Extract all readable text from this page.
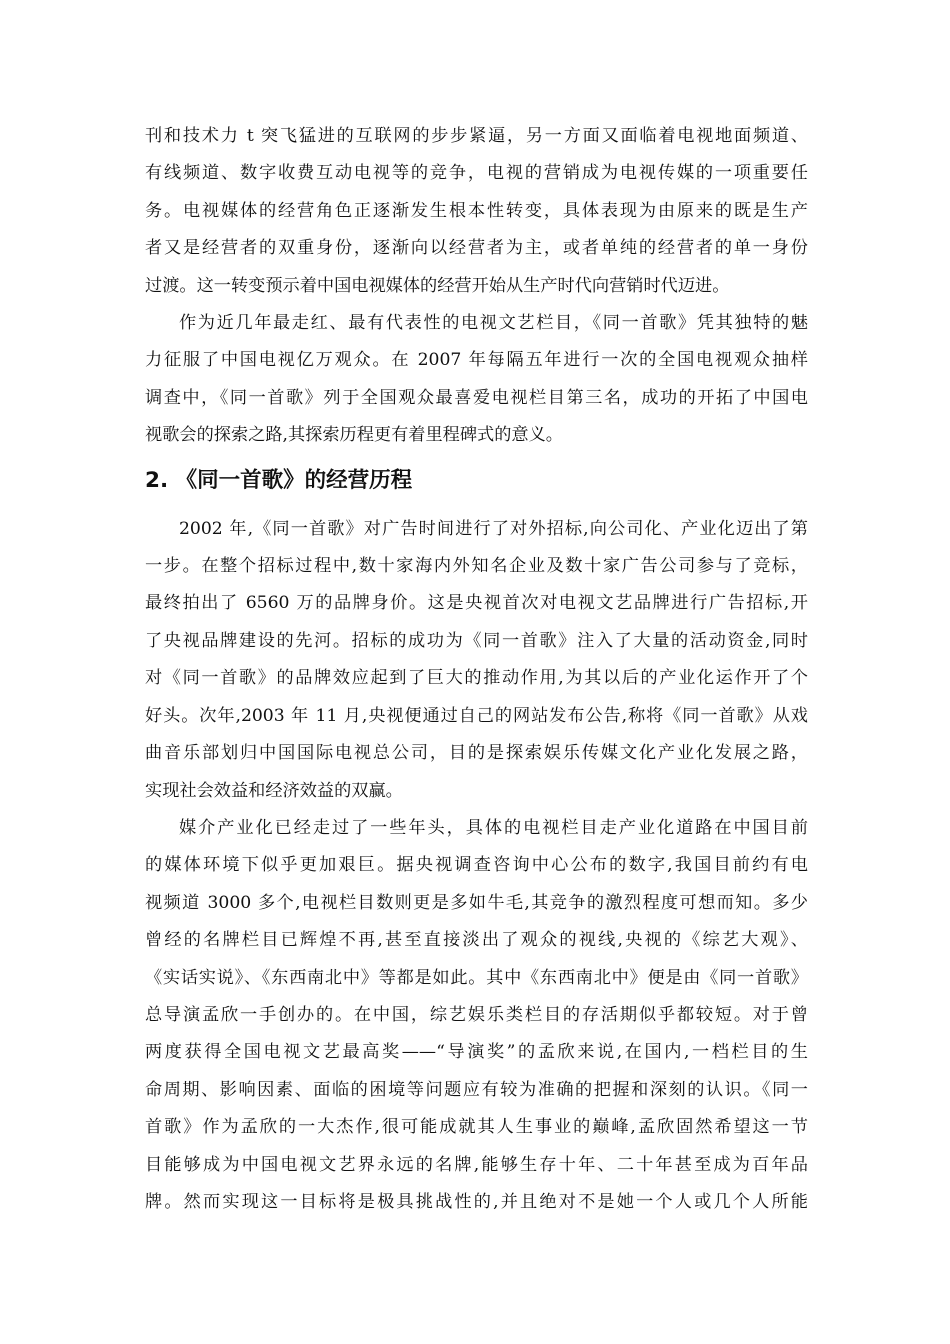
刊和技术力 t 突飞猛进的互联网的步步紧逼，另一方面又面临着电视地面频道、
有线频道、数字收费互动电视等的竞争，电视的营销成为电视传媒的一项重要任
务。电视媒体的经营角色正逐渐发生根本性转变，具体表现为由原来的既是生产
者又是经营者的双重身份，逐渐向以经营者为主，或者单纯的经营者的单一身份
过渡。这一转变预示着中国电视媒体的经营开始从生产时代向营销时代迈进。

作为近几年最走红、最有代表性的电视文艺栏目，《同一首歌》凭其独特的魅
力征服了中国电视亿万观众。在 2007 年每隔五年进行一次的全国电视观众抽样
调查中，《同一首歌》列于全国观众最喜爱电视栏目第三名，成功的开拓了中国电
视歌会的探索之路,其探索历程更有着里程碑式的意义。

2. 《同一首歌》的经营历程

2002 年,《同一首歌》对广告时间进行了对外招标,向公司化、产业化迈出了第
一步。在整个招标过程中,数十家海内外知名企业及数十家广告公司参与了竞标，
最终拍出了 6560 万的品牌身价。这是央视首次对电视文艺品牌进行广告招标,开
了央视品牌建设的先河。招标的成功为《同一首歌》注入了大量的活动资金,同时
对《同一首歌》的品牌效应起到了巨大的推动作用,为其以后的产业化运作开了个
好头。次年,2003 年 11 月,央视便通过自己的网站发布公告,称将《同一首歌》从戏
曲音乐部划归中国国际电视总公司，目的是探索娱乐传媒文化产业化发展之路，
实现社会效益和经济效益的双赢。

媒介产业化已经走过了一些年头，具体的电视栏目走产业化道路在中国目前
的媒体环境下似乎更加艰巨。据央视调查咨询中心公布的数字,我国目前约有电
视频道 3000 多个,电视栏目数则更是多如牛毛,其竞争的激烈程度可想而知。多少
曾经的名牌栏目已辉煌不再,甚至直接淡出了观众的视线,央视的《综艺大观》、
《实话实说》、《东西南北中》等都是如此。其中《东西南北中》便是由《同一首歌》
总导演孟欣一手创办的。在中国，综艺娱乐类栏目的存活期似乎都较短。对于曾
两度获得全国电视文艺最高奖——“导演奖”的孟欣来说,在国内,一档栏目的生
命周期、影响因素、面临的困境等问题应有较为准确的把握和深刻的认识。《同一
首歌》作为孟欣的一大杰作,很可能成就其人生事业的巅峰,孟欣固然希望这一节
目能够成为中国电视文艺界永远的名牌,能够生存十年、二十年甚至成为百年品
牌。然而实现这一目标将是极具挑战性的,并且绝对不是她一个人或几个人所能
